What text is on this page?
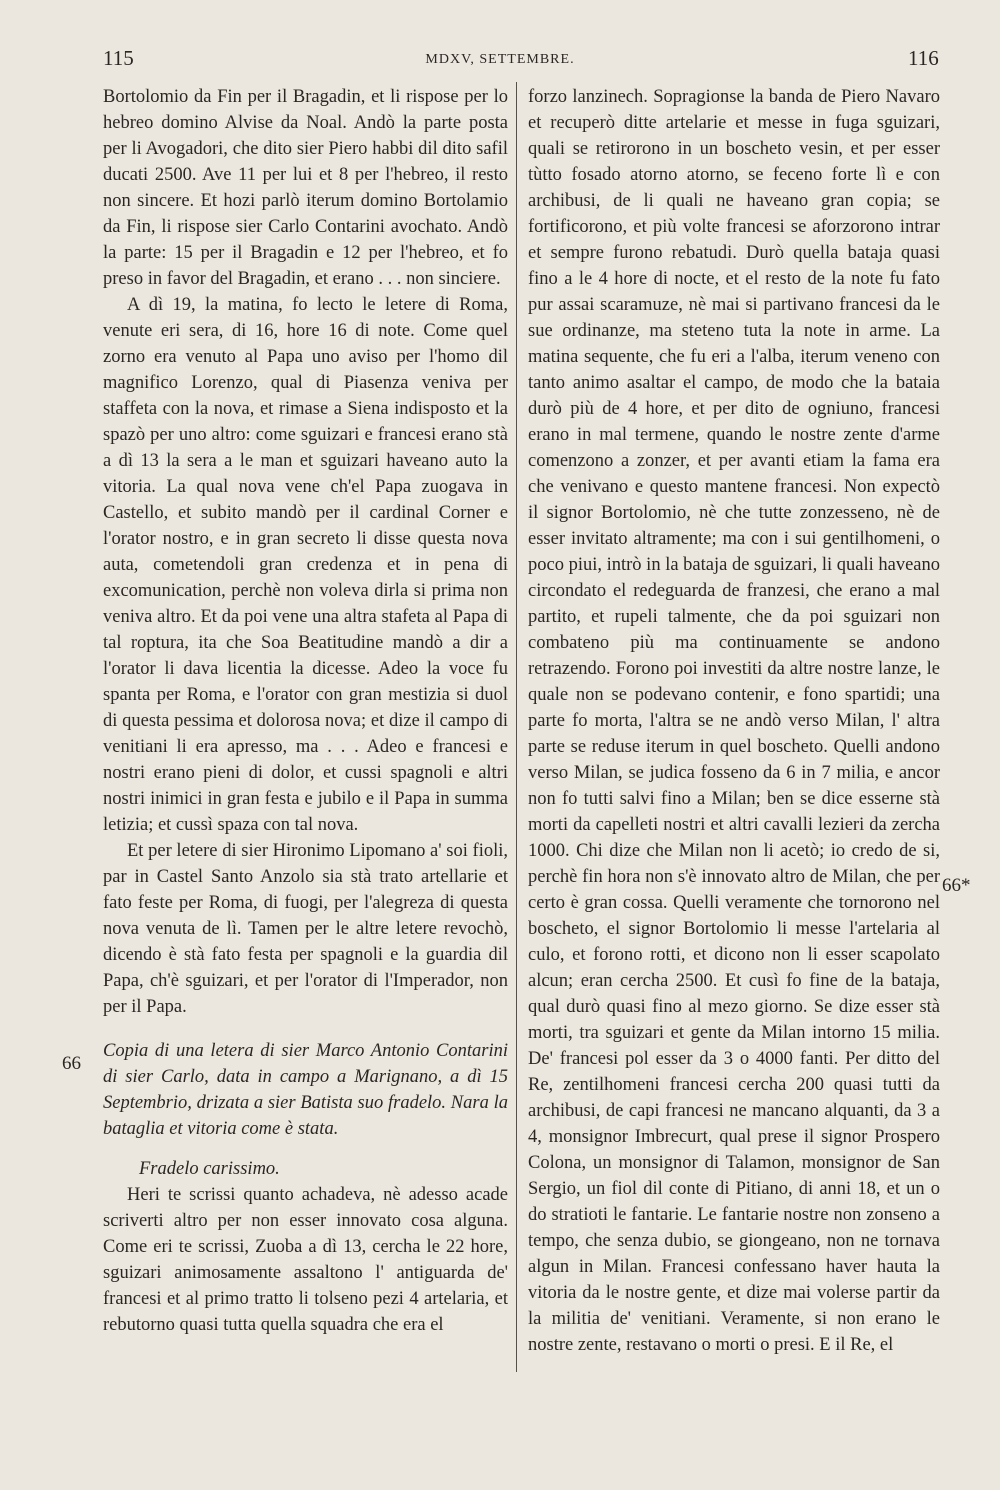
115	MDXV, SETTEMBRE.	116

Bortolomio da Fin per il Bragadin, et li rispose per lo hebreo domino Alvise da Noal. Andò la parte posta per li Avogadori, che dito sier Piero habbi dil dito safil ducati 2500. Ave 11 per lui et 8 per l'hebreo, il resto non sincere. Et hozi parlò iterum domino Bortolamio da Fin, li rispose sier Carlo Contarini avochato. Andò la parte: 15 per il Bragadin e 12 per l'hebreo, et fo preso in favor del Bragadin, et erano . . . non sinciere.

A dì 19, la matina, fo lecto le letere di Roma, venute eri sera, di 16, hore 16 di note. Come quel zorno era venuto al Papa uno aviso per l'homo dil magnifico Lorenzo, qual di Piasenza veniva per staffeta con la nova, et rimase a Siena indisposto et la spazò per uno altro: come sguizari e francesi erano stà a dì 13 la sera a le man et sguizari haveano auto la vitoria. La qual nova vene ch'el Papa zuogava in Castello, et subito mandò per il cardinal Corner e l'orator nostro, e in gran secreto li disse questa nova auta, cometendoli gran credenza et in pena di excomunication, perchè non voleva dirla si prima non veniva altro. Et da poi vene una altra stafeta al Papa di tal roptura, ita che Soa Beatitudine mandò a dir a l'orator li dava licentia la dicesse. Adeo la voce fu spanta per Roma, e l'orator con gran mestizia si duol di questa pessima et dolorosa nova; et dize il campo di venitiani li era apresso, ma . . . Adeo e francesi e nostri erano pieni di dolor, et cussi spagnoli e altri nostri inimici in gran festa e jubilo e il Papa in summa letizia; et cussì spaza con tal nova.

Et per letere di sier Hironimo Lipomano a' soi fioli, par in Castel Santo Anzolo sia stà trato artellarie et fato feste per Roma, di fuogi, per l'alegreza di questa nova venuta de lì. Tamen per le altre letere revochò, dicendo è stà fato festa per spagnoli e la guardia dil Papa, ch'è sguizari, et per l'orator di l'Imperador, non per il Papa.

Copia di una letera di sier Marco Antonio Contarini di sier Carlo, data in campo a Marignano, a dì 15 Septembrio, drizata a sier Batista suo fradelo. Nara la bataglia et vitoria come è stata.

Fradelo carissimo.

Heri te scrissi quanto achadeva, nè adesso acade scriverti altro per non esser innovato cosa alguna. Come eri te scrissi, Zuoba a dì 13, cercha le 22 hore, sguizari animosamente assaltono l' antiguarda de' francesi et al primo tratto li tolseno pezi 4 artelaria, et rebutorno quasi tutta quella squadra che era el

forzo lanzinech. Sopragionse la banda de Piero Navaro et recuperò ditte artelarie et messe in fuga sguizari, quali se retirorono in un boscheto vesin, et per esser tùtto fosado atorno atorno, se feceno forte lì e con archibusi, de li quali ne haveano gran copia; se fortificorono, et più volte francesi se aforzorono intrar et sempre furono rebatudi. Durò quella bataja quasi fino a le 4 hore di nocte, et el resto de la note fu fato pur assai scaramuze, nè mai si partivano francesi da le sue ordinanze, ma steteno tuta la note in arme. La matina sequente, che fu eri a l'alba, iterum veneno con tanto animo asaltar el campo, de modo che la bataia durò più de 4 hore, et per dito de ogniuno, francesi erano in mal termene, quando le nostre zente d'arme comenzono a zonzer, et per avanti etiam la fama era che venivano e questo mantene francesi. Non expectò il signor Bortolomio, nè che tutte zonzesseno, nè de esser invitato altramente; ma con i sui gentilhomeni, o poco piui, intrò in la bataja de sguizari, li quali haveano circondato el redeguarda de franzesi, che erano a mal partito, et rupeli talmente, che da poi sguizari non combateno più ma continuamente se andono retrazendo. Forono poi investiti da altre nostre lanze, le quale non se podevano contenir, e fono spartidi; una parte fo morta, l'altra se ne andò verso Milan, l' altra parte se reduse iterum in quel boscheto. Quelli andono verso Milan, se judica fosseno da 6 in 7 milia, e ancor non fo tutti salvi fino a Milan; ben se dice esserne stà morti da capelleti nostri et altri cavalli lezieri da zercha 1000. Chi dize che Milan non li acetò; io credo de si, perchè fin hora non s'è innovato altro de Milan, che per certo è gran cossa. Quelli veramente che tornorono nel boscheto, el signor Bortolomio li messe l'artelaria al culo, et forono rotti, et dicono non li esser scapolato alcun; eran cercha 2500. Et cusì fo fine de la bataja, qual durò quasi fino al mezo giorno. Se dize esser stà morti, tra sguizari et gente da Milan intorno 15 milia. De' francesi pol esser da 3 o 4000 fanti. Per ditto del Re, zentilhomeni francesi cercha 200 quasi tutti da archibusi, de capi francesi ne mancano alquanti, da 3 a 4, monsignor Imbrecurt, qual prese il signor Prospero Colona, un monsignor di Talamon, monsignor de San Sergio, un fiol dil conte di Pitiano, di anni 18, et un o do stratioti le fantarie. Le fantarie nostre non zonseno a tempo, che senza dubio, se giongeano, non ne tornava algun in Milan. Francesi confessano haver hauta la vitoria da le nostre gente, et dize mai volerse partir da la militia de' venitiani. Veramente, si non erano le nostre zente, restavano o morti o presi. E il Re, el

66
66*
